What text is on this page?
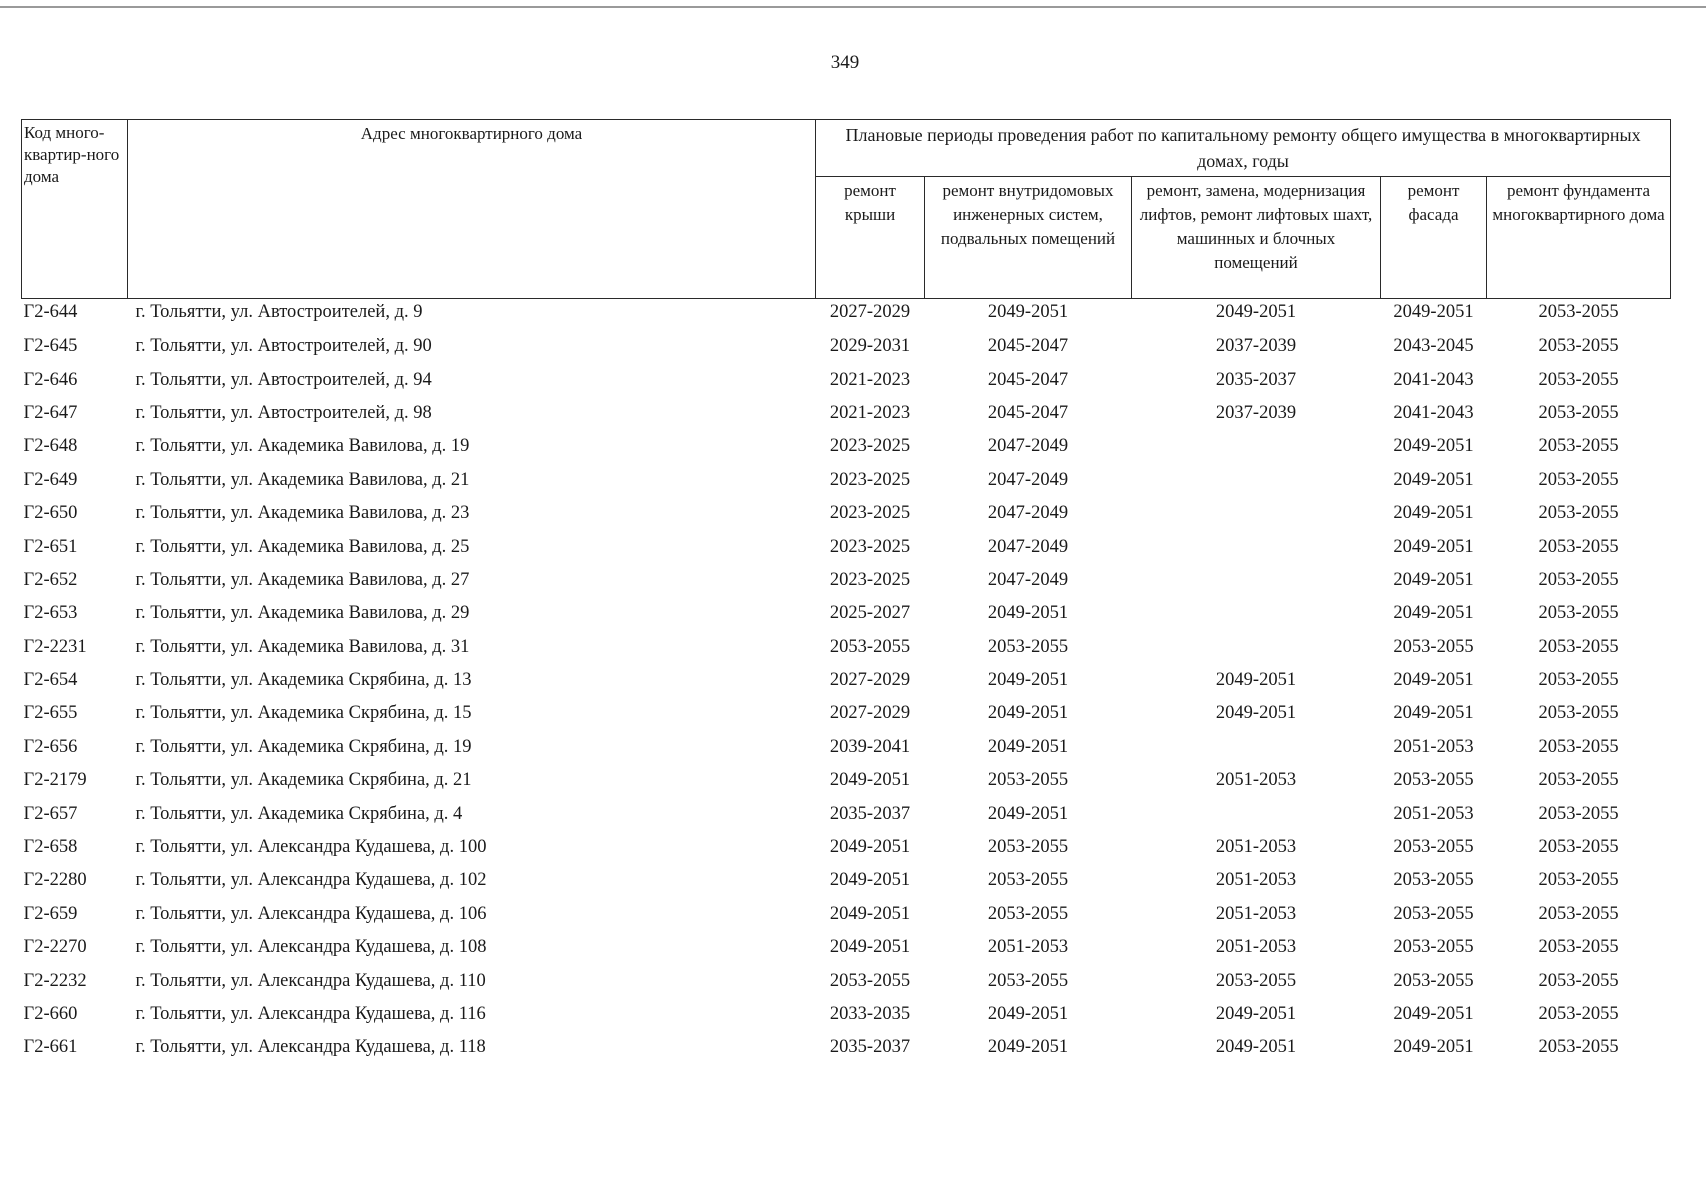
349
Код много-квартир-ного дома	Адрес многоквартирного дома	Плановые периоды проведения работ по капитальному ремонту общего имущества в многоквартирных домах, годы				
		ремонт крыши	ремонт внутридомовых инженерных систем, подвальных помещений	ремонт, замена, модернизация лифтов, ремонт лифтовых шахт, машинных и блочных помещений	ремонт фасада	ремонт фундамента многоквартирного дома
Г2-644	г. Тольятти, ул. Автостроителей, д. 9	2027-2029	2049-2051	2049-2051	2049-2051	2053-2055
Г2-645	г. Тольятти, ул. Автостроителей, д. 90	2029-2031	2045-2047	2037-2039	2043-2045	2053-2055
Г2-646	г. Тольятти, ул. Автостроителей, д. 94	2021-2023	2045-2047	2035-2037	2041-2043	2053-2055
Г2-647	г. Тольятти, ул. Автостроителей, д. 98	2021-2023	2045-2047	2037-2039	2041-2043	2053-2055
Г2-648	г. Тольятти, ул. Академика Вавилова, д. 19	2023-2025	2047-2049		2049-2051	2053-2055
Г2-649	г. Тольятти, ул. Академика Вавилова, д. 21	2023-2025	2047-2049		2049-2051	2053-2055
Г2-650	г. Тольятти, ул. Академика Вавилова, д. 23	2023-2025	2047-2049		2049-2051	2053-2055
Г2-651	г. Тольятти, ул. Академика Вавилова, д. 25	2023-2025	2047-2049		2049-2051	2053-2055
Г2-652	г. Тольятти, ул. Академика Вавилова, д. 27	2023-2025	2047-2049		2049-2051	2053-2055
Г2-653	г. Тольятти, ул. Академика Вавилова, д. 29	2025-2027	2049-2051		2049-2051	2053-2055
Г2-2231	г. Тольятти, ул. Академика Вавилова, д. 31	2053-2055	2053-2055		2053-2055	2053-2055
Г2-654	г. Тольятти, ул. Академика Скрябина, д. 13	2027-2029	2049-2051	2049-2051	2049-2051	2053-2055
Г2-655	г. Тольятти, ул. Академика Скрябина, д. 15	2027-2029	2049-2051	2049-2051	2049-2051	2053-2055
Г2-656	г. Тольятти, ул. Академика Скрябина, д. 19	2039-2041	2049-2051		2051-2053	2053-2055
Г2-2179	г. Тольятти, ул. Академика Скрябина, д. 21	2049-2051	2053-2055	2051-2053	2053-2055	2053-2055
Г2-657	г. Тольятти, ул. Академика Скрябина, д. 4	2035-2037	2049-2051		2051-2053	2053-2055
Г2-658	г. Тольятти, ул. Александра Кудашева, д. 100	2049-2051	2053-2055	2051-2053	2053-2055	2053-2055
Г2-2280	г. Тольятти, ул. Александра Кудашева, д. 102	2049-2051	2053-2055	2051-2053	2053-2055	2053-2055
Г2-659	г. Тольятти, ул. Александра Кудашева, д. 106	2049-2051	2053-2055	2051-2053	2053-2055	2053-2055
Г2-2270	г. Тольятти, ул. Александра Кудашева, д. 108	2049-2051	2051-2053	2051-2053	2053-2055	2053-2055
Г2-2232	г. Тольятти, ул. Александра Кудашева, д. 110	2053-2055	2053-2055	2053-2055	2053-2055	2053-2055
Г2-660	г. Тольятти, ул. Александра Кудашева, д. 116	2033-2035	2049-2051	2049-2051	2049-2051	2053-2055
Г2-661	г. Тольятти, ул. Александра Кудашева, д. 118	2035-2037	2049-2051	2049-2051	2049-2051	2053-2055
